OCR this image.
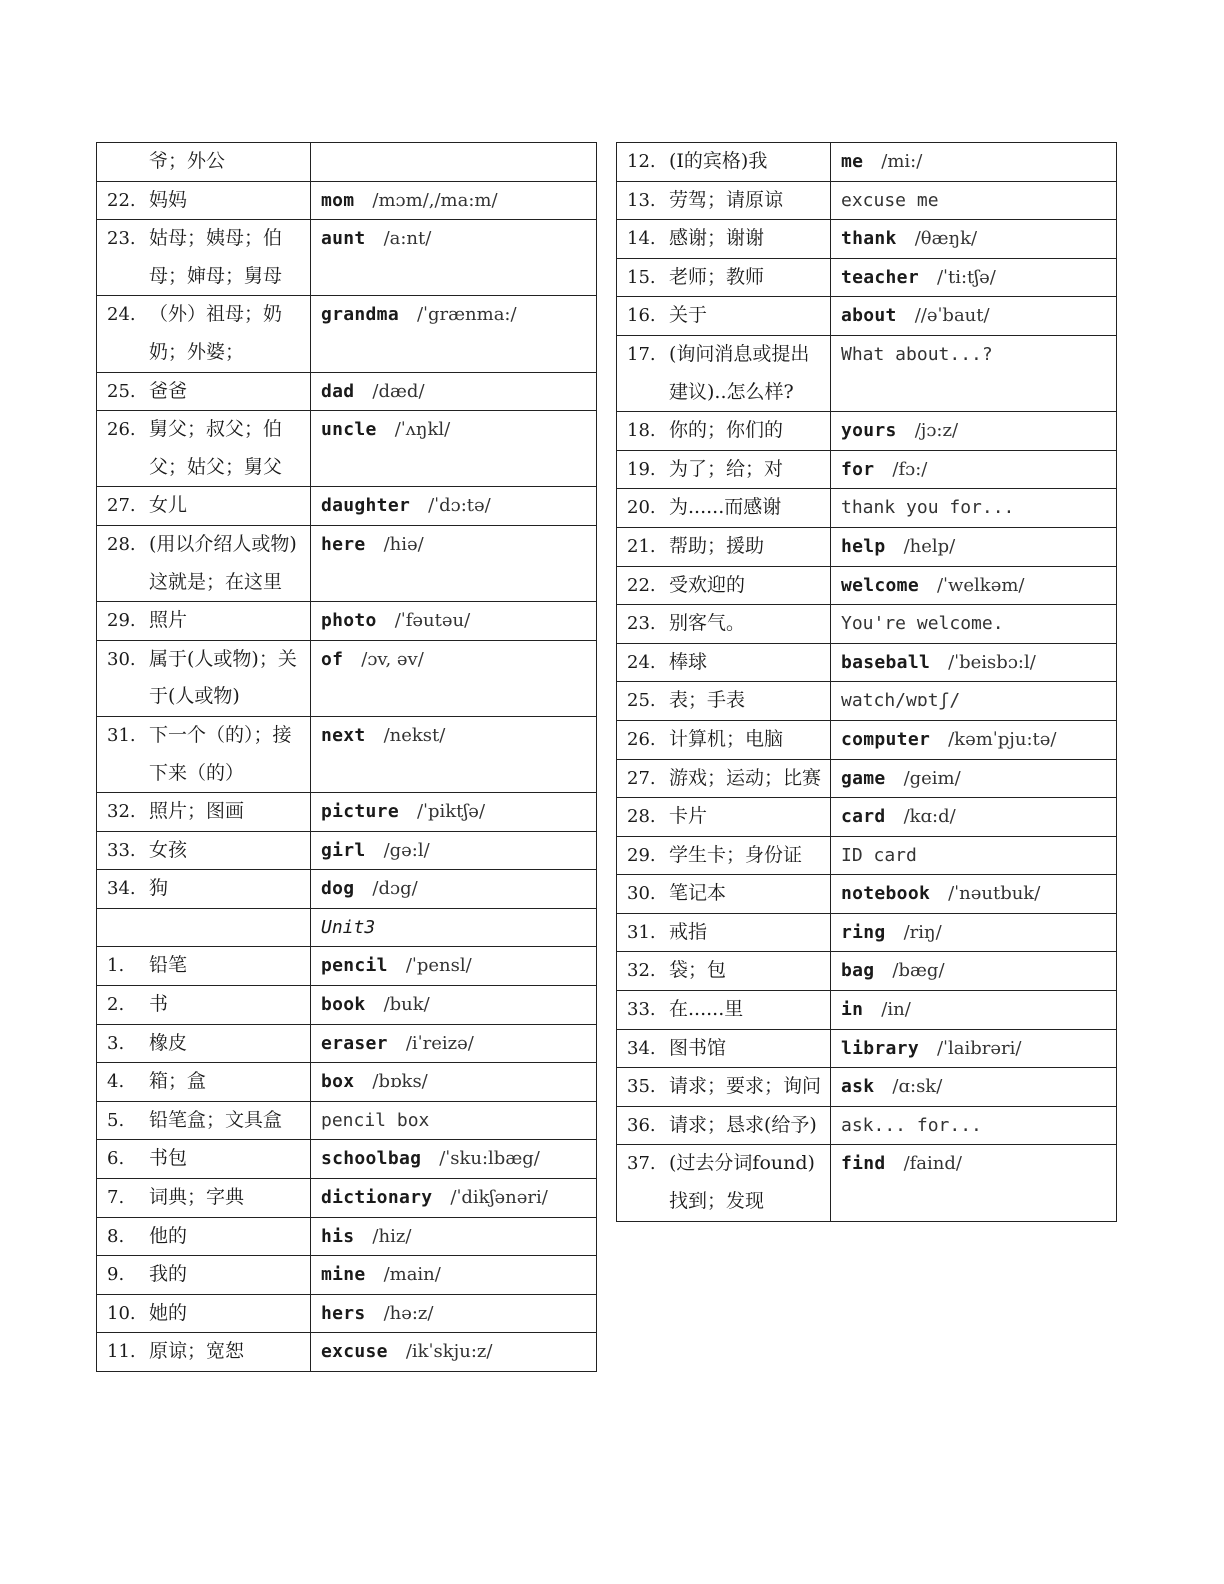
爷；外公	

22. 妈妈	mom /mɔm/,/ma:m/

23. 姑母；姨母；伯母；婶母；舅母	aunt /a:nt/

24. （外）祖母；奶奶；外婆；	grandma /ˈgrænma:/

25. 爸爸	dad /dæd/

26. 舅父；叔父；伯父；姑父；舅父	uncle /ˈʌŋkl/

27. 女儿	daughter /ˈdɔ:tə/

28. (用以介绍人或物)这就是；在这里	here /hiə/

29. 照片	photo /ˈfəutəu/

30. 属于(人或物)；关于(人或物)	of /ɔv, əv/

31. 下一个（的）；接下来（的）	next /nekst/

32. 照片；图画	picture /ˈpiktʃə/

33. 女孩	girl /gə:l/

34. 狗	dog /dɔg/

	Unit3

1. 铅笔	pencil /ˈpensl/

2. 书	book /buk/

3. 橡皮	eraser /iˈreizə/

4. 箱；盒	box /bɒks/

5. 铅笔盒；文具盒	pencil box

6. 书包	schoolbag /ˈsku:lbæg/

7. 词典；字典	dictionary /ˈdikʃənəri/

8. 他的	his /hiz/

9. 我的	mine /main/

10. 她的	hers /hə:z/

11. 原谅；宽恕	excuse /ikˈskju:z/
12. (I的宾格)我	me /mi:/

13. 劳驾；请原谅	excuse me

14. 感谢；谢谢	thank /θæŋk/

15. 老师；教师	teacher /ˈti:tʃə/

16. 关于	about //əˈbaut/

17. (询问消息或提出建议)..怎么样?	What about...?

18. 你的；你们的	yours /jɔ:z/

19. 为了；给；对	for /fɔ:/

20. 为......而感谢	thank you for...

21. 帮助；援助	help /help/

22. 受欢迎的	welcome /ˈwelkəm/

23. 别客气。	You're welcome.

24. 棒球	baseball /ˈbeisbɔ:l/

25. 表；手表	watch/wɒtʃ/

26. 计算机；电脑	computer /kəmˈpju:tə/

27. 游戏；运动；比赛	game /geim/

28. 卡片	card /kɑ:d/

29. 学生卡；身份证	ID card

30. 笔记本	notebook /ˈnəutbuk/

31. 戒指	ring /riŋ/

32. 袋；包	bag /bæg/

33. 在......里	in /in/

34. 图书馆	library /ˈlaibrəri/

35. 请求；要求；询问	ask /ɑ:sk/

36. 请求；恳求(给予)	ask... for...

37. (过去分词found)找到；发现	find /faind/
